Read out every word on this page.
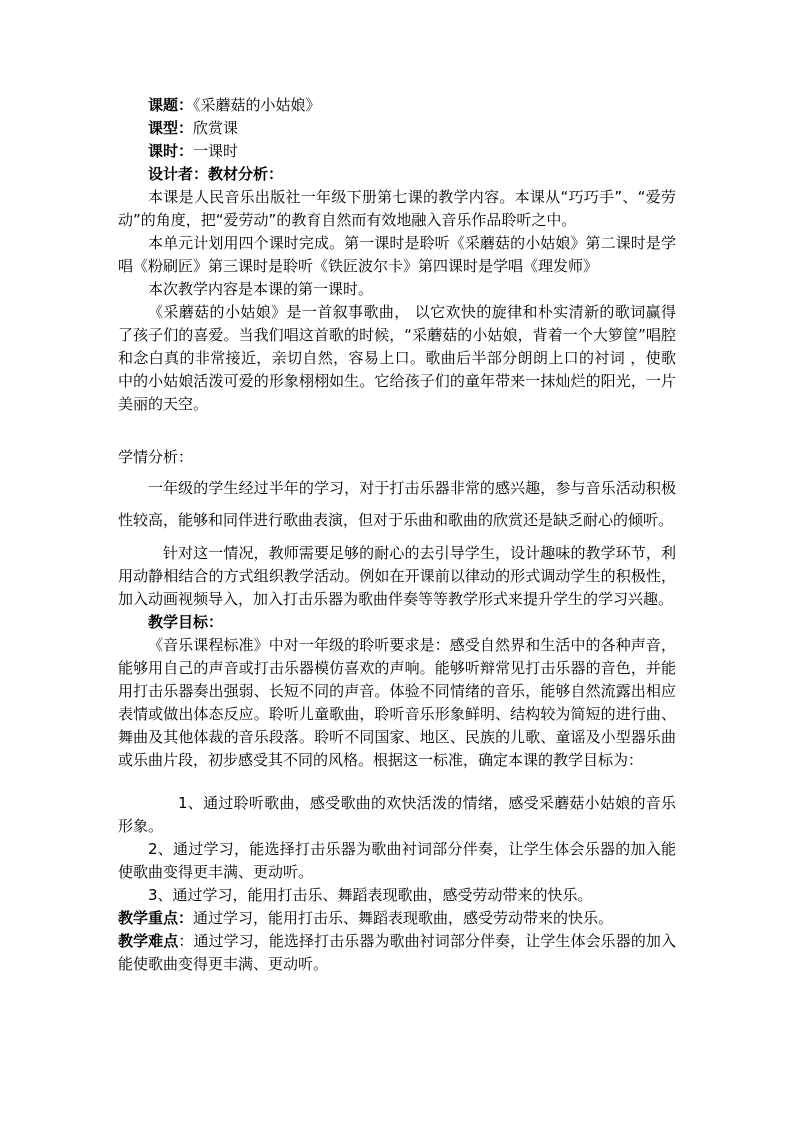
课题：《采蘑菇的小姑娘》

课型：欣赏课

课时：一课时

设计者：教材分析：

本课是人民音乐出版社一年级下册第七课的教学内容。本课从“巧巧手”、“爱劳动”的角度，把“爱劳动”的教育自然而有效地融入音乐作品聆听之中。

本单元计划用四个课时完成。第一课时是聆听《采蘑菇的小姑娘》第二课时是学唱《粉刷匠》第三课时是聆听《铁匠波尔卡》第四课时是学唱《理发师》

本次教学内容是本课的第一课时。

《采蘑菇的小姑娘》是一首叙事歌曲， 以它欢快的旋律和朴实清新的歌词赢得了孩子们的喜爱。当我们唱这首歌的时候，“采蘑菇的小姑娘，背着一个大箩筐”唱腔和念白真的非常接近，亲切自然，容易上口。歌曲后半部分朗朗上口的衬词 ，使歌中的小姑娘活泼可爱的形象栩栩如生。它给孩子们的童年带来一抹灿烂的阳光，一片美丽的天空。

学情分析：

一年级的学生经过半年的学习，对于打击乐器非常的感兴趣，参与音乐活动积极性较高，能够和同伴进行歌曲表演，但对于乐曲和歌曲的欣赏还是缺乏耐心的倾听。

针对这一情况，教师需要足够的耐心的去引导学生，设计趣味的教学环节，利用动静相结合的方式组织教学活动。例如在开课前以律动的形式调动学生的积极性，加入动画视频导入，加入打击乐器为歌曲伴奏等等教学形式来提升学生的学习兴趣。

教学目标：

《音乐课程标准》中对一年级的聆听要求是：感受自然界和生活中的各种声音，能够用自己的声音或打击乐器模仿喜欢的声响。能够听辩常见打击乐器的音色，并能用打击乐器奏出强弱、长短不同的声音。体验不同情绪的音乐，能够自然流露出相应表情或做出体态反应。聆听儿童歌曲，聆听音乐形象鲜明、结构较为简短的进行曲、舞曲及其他体裁的音乐段落。聆听不同国家、地区、民族的儿歌、童谣及小型器乐曲或乐曲片段，初步感受其不同的风格。根据这一标准，确定本课的教学目标为：

1、通过聆听歌曲，感受歌曲的欢快活泼的情绪，感受采蘑菇小姑娘的音乐形象。

2、通过学习，能选择打击乐器为歌曲衬词部分伴奏，让学生体会乐器的加入能使歌曲变得更丰满、更动听。

3、通过学习，能用打击乐、舞蹈表现歌曲，感受劳动带来的快乐。

教学重点：通过学习，能用打击乐、舞蹈表现歌曲，感受劳动带来的快乐。

教学难点：通过学习，能选择打击乐器为歌曲衬词部分伴奏，让学生体会乐器的加入能使歌曲变得更丰满、更动听。
